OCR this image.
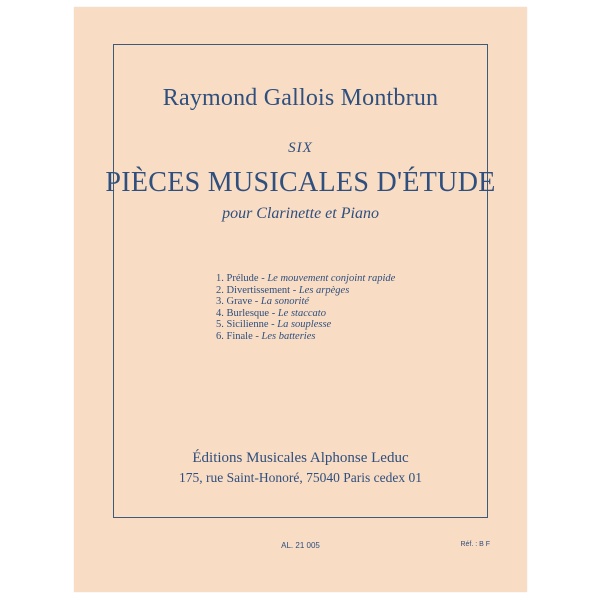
Raymond Gallois Montbrun
SIX
PIÈCES MUSICALES D'ÉTUDE
pour Clarinette et Piano
1. Prélude - Le mouvement conjoint rapide
2. Divertissement - Les arpèges
3. Grave - La sonorité
4. Burlesque - Le staccato
5. Sicilienne - La souplesse
6. Finale - Les batteries
Éditions Musicales Alphonse Leduc
175, rue Saint-Honoré, 75040 Paris cedex 01
AL. 21 005	Réf. : B F
